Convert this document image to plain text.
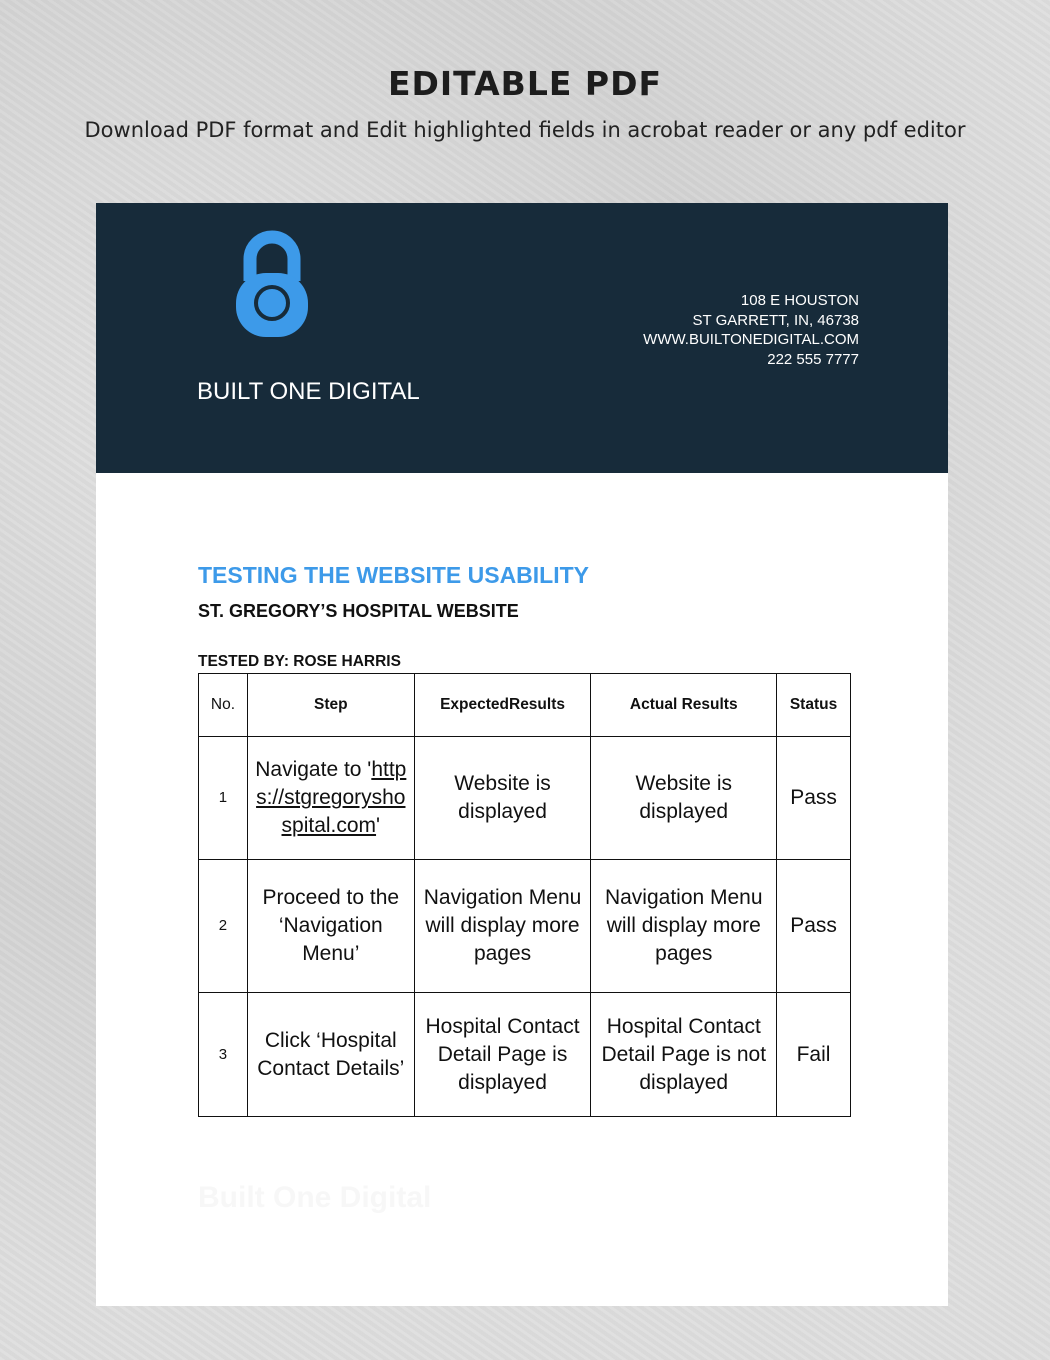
EDITABLE PDF
Download PDF format and Edit highlighted fields in acrobat reader or any pdf editor
BUILT ONE DIGITAL
108 E HOUSTON
ST GARRETT, IN, 46738
WWW.BUILTONEDIGITAL.COM
222 555 7777
TESTING THE WEBSITE USABILITY
ST. GREGORY’S HOSPITAL WEBSITE
TESTED BY: ROSE HARRIS
No.	Step	ExpectedResults	Actual Results	Status
1	Navigate to 'https://stgregoryshospital.com'	Website is displayed	Website is displayed	Pass
2	Proceed to the ‘Navigation Menu’	Navigation Menu will display more pages	Navigation Menu will display more pages	Pass
3	Click ‘Hospital Contact Details’	Hospital Contact Detail Page is displayed	Hospital Contact Detail Page is not displayed	Fail
Built One Digital
